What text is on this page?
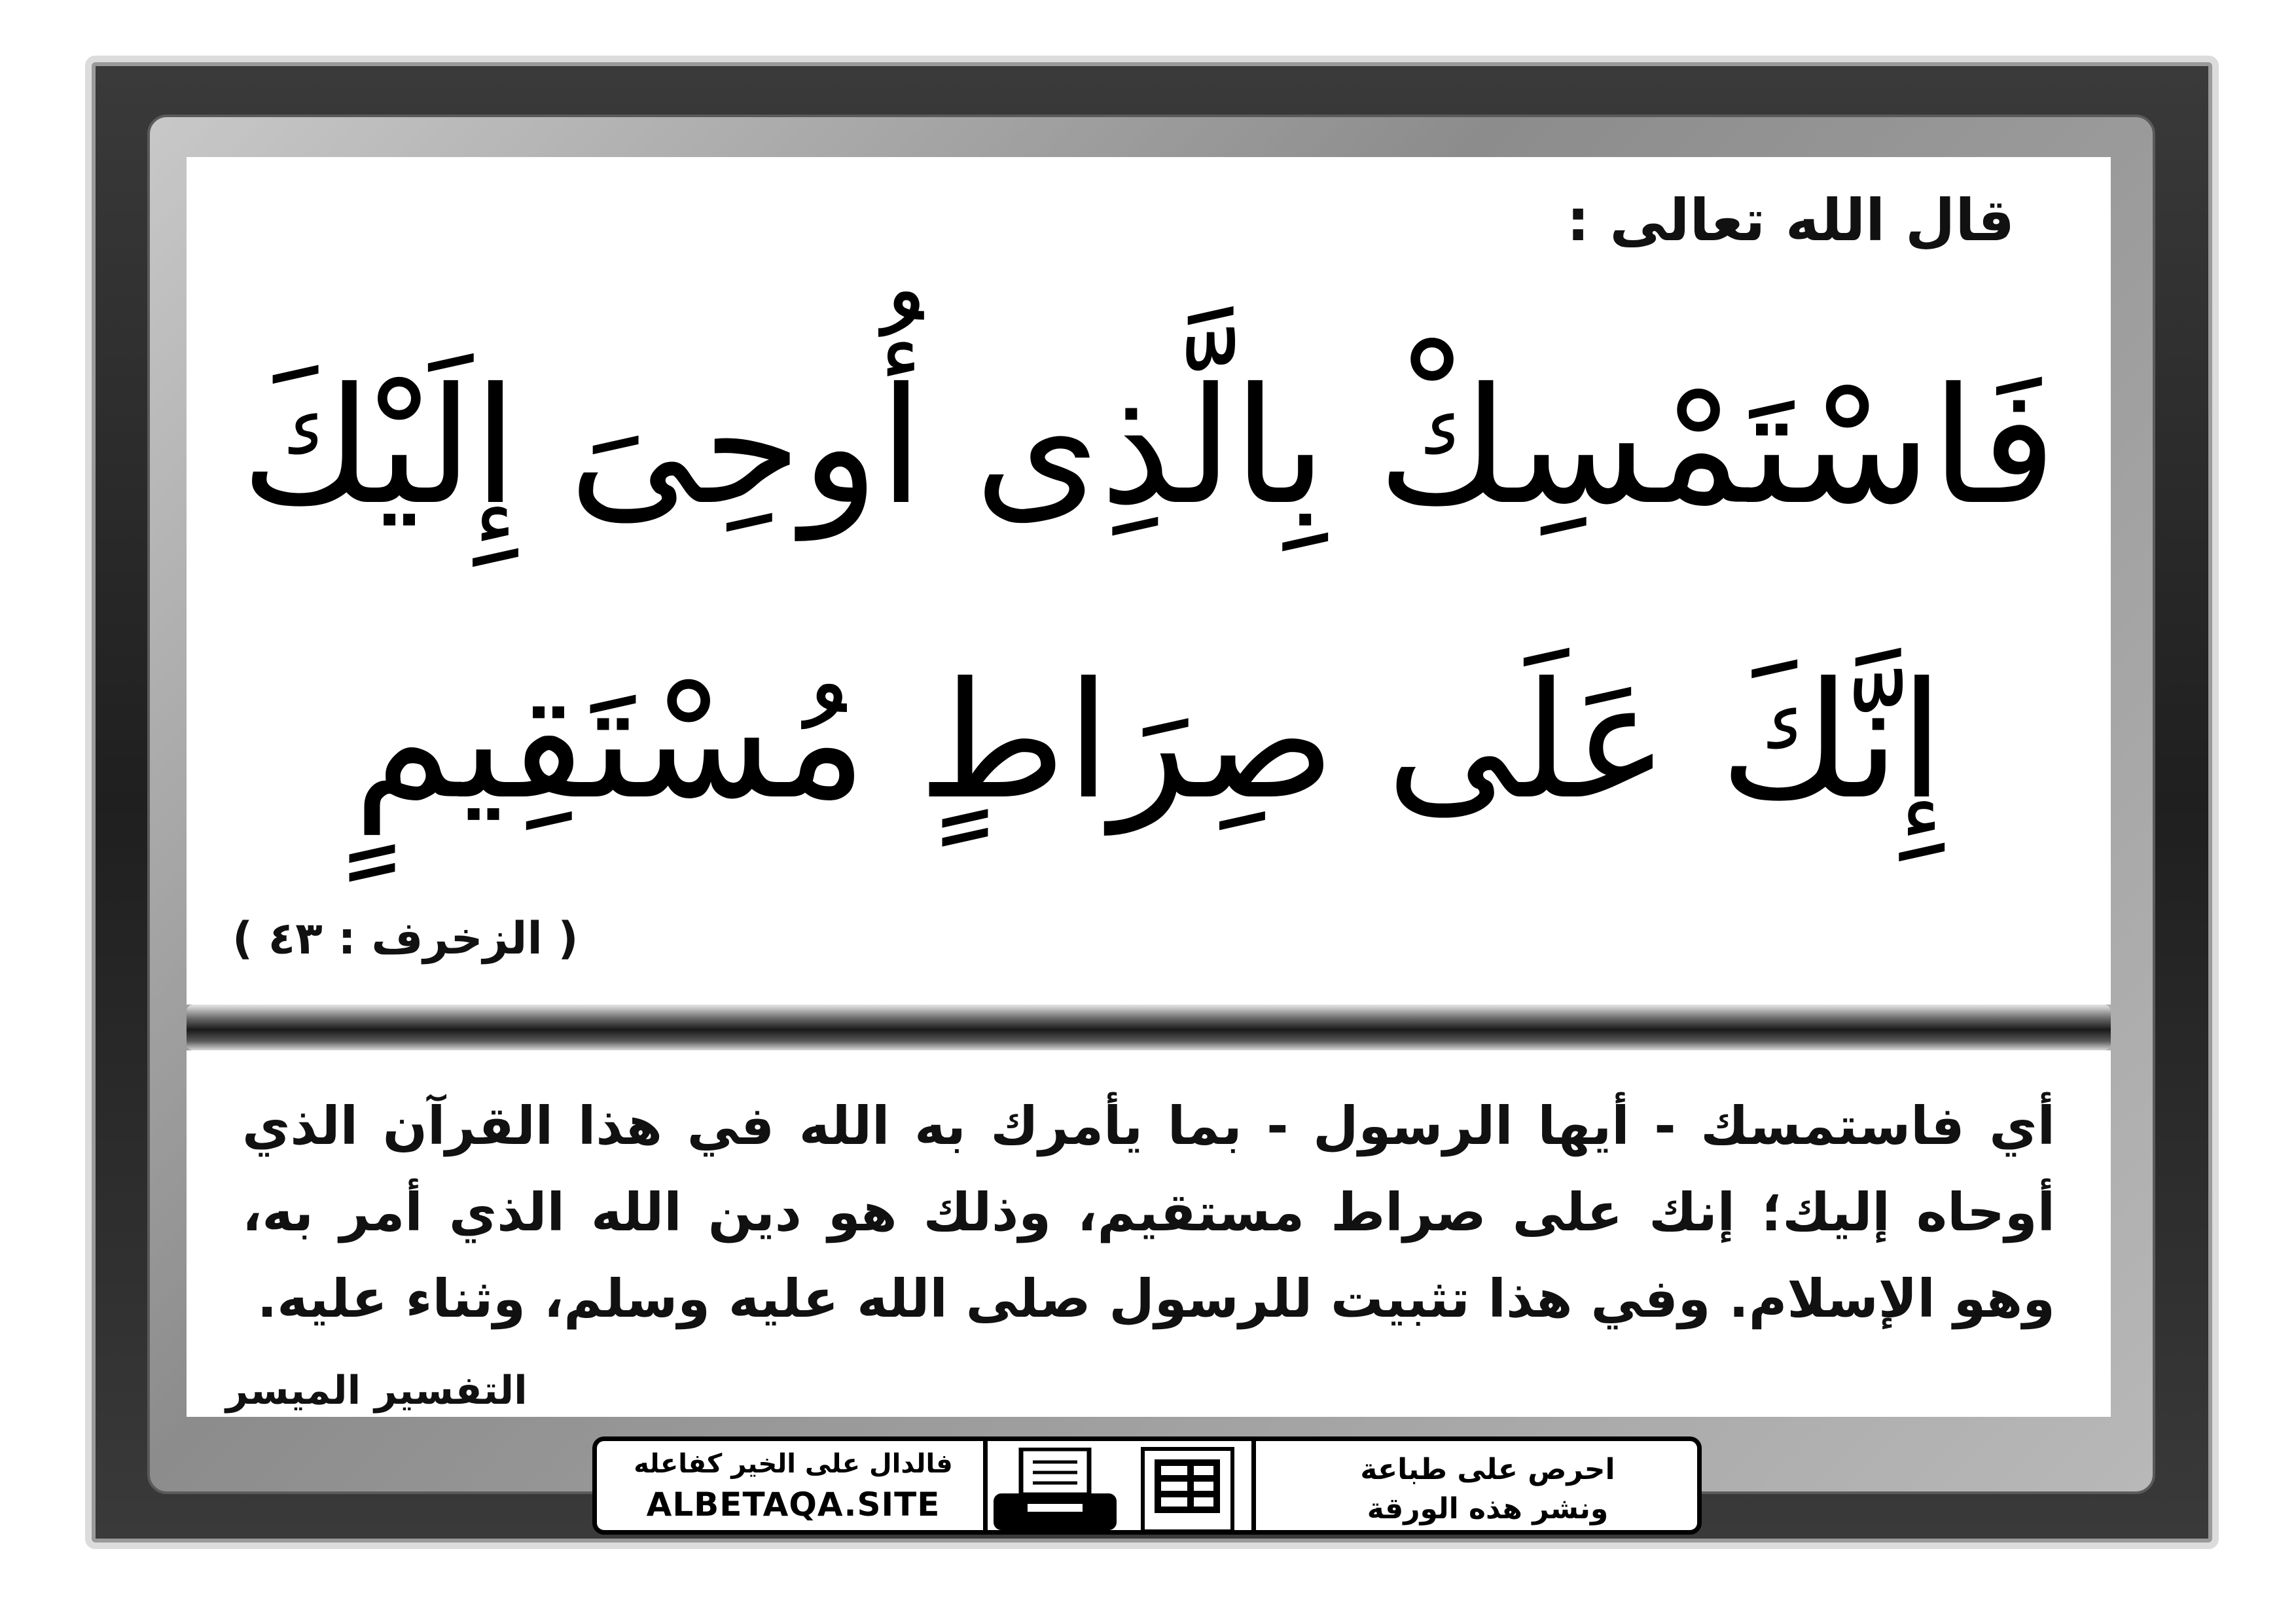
قال الله تعالى :
فَاسْتَمْسِكْ بِالَّذِى أُوحِىَ إِلَيْكَ
إِنَّكَ عَلَى صِرَاطٍ مُسْتَقِيمٍ
( الزخرف : ٤٣ )
أي فاستمسك - أيها الرسول - بما يأمرك به الله في هذا القرآن الذي أوحاه إليك؛ إنك على صراط مستقيم، وذلك هو دين الله الذي أمر به، وهو الإسلام. وفي هذا تثبيت للرسول صلى الله عليه وسلم، وثناء عليه.
التفسير الميسر
فالدال على الخير كفاعله
ALBETAQA.SITE
احرص على طباعة
ونشر هذه الورقة
